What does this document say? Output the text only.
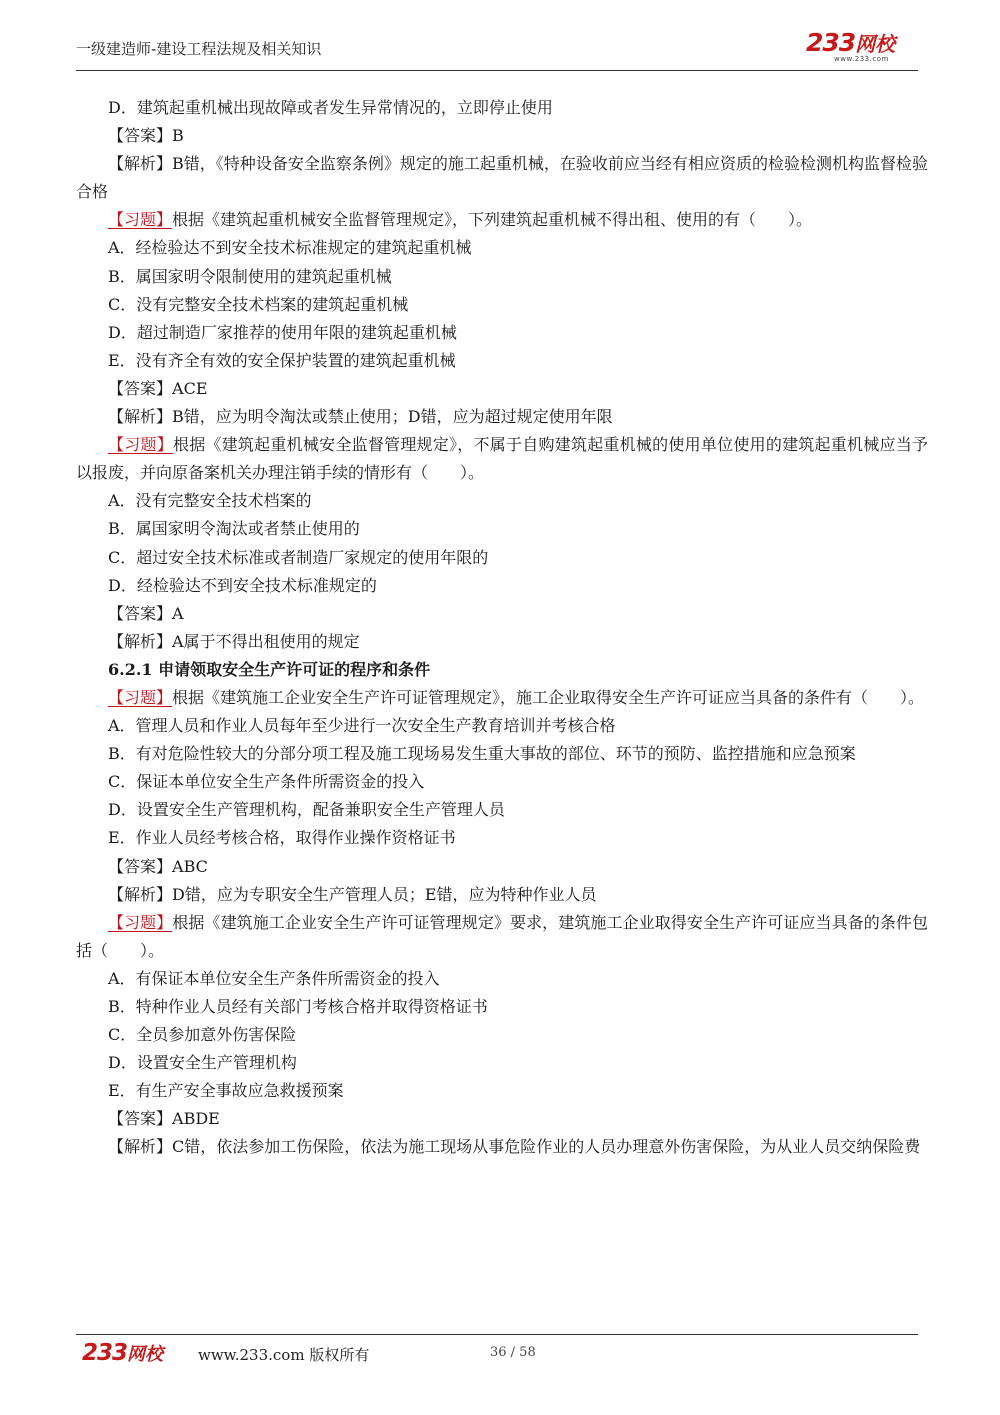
一级建造师-建设工程法规及相关知识	233网校
www.233.com

D．建筑起重机械出现故障或者发生异常情况的，立即停止使用

【答案】B

【解析】B错，《特种设备安全监察条例》规定的施工起重机械，在验收前应当经有相应资质的检验检测机构监督检验合格

【习题】根据《建筑起重机械安全监督管理规定》，下列建筑起重机械不得出租、使用的有（　　）。

A．经检验达不到安全技术标准规定的建筑起重机械

B．属国家明令限制使用的建筑起重机械

C．没有完整安全技术档案的建筑起重机械

D．超过制造厂家推荐的使用年限的建筑起重机械

E．没有齐全有效的安全保护装置的建筑起重机械

【答案】ACE

【解析】B错，应为明令淘汰或禁止使用；D错，应为超过规定使用年限

【习题】根据《建筑起重机械安全监督管理规定》，不属于自购建筑起重机械的使用单位使用的建筑起重机械应当予以报废，并向原备案机关办理注销手续的情形有（　　）。

A．没有完整安全技术档案的

B．属国家明令淘汰或者禁止使用的

C．超过安全技术标准或者制造厂家规定的使用年限的

D．经检验达不到安全技术标准规定的

【答案】A

【解析】A属于不得出租使用的规定

6.2.1 申请领取安全生产许可证的程序和条件

【习题】根据《建筑施工企业安全生产许可证管理规定》，施工企业取得安全生产许可证应当具备的条件有（　　）。

A．管理人员和作业人员每年至少进行一次安全生产教育培训并考核合格

B．有对危险性较大的分部分项工程及施工现场易发生重大事故的部位、环节的预防、监控措施和应急预案

C．保证本单位安全生产条件所需资金的投入

D．设置安全生产管理机构，配备兼职安全生产管理人员

E．作业人员经考核合格，取得作业操作资格证书

【答案】ABC

【解析】D错，应为专职安全生产管理人员；E错，应为特种作业人员

【习题】根据《建筑施工企业安全生产许可证管理规定》要求，建筑施工企业取得安全生产许可证应当具备的条件包括（　　）。

A．有保证本单位安全生产条件所需资金的投入

B．特种作业人员经有关部门考核合格并取得资格证书

C．全员参加意外伤害保险

D．设置安全生产管理机构

E．有生产安全事故应急救援预案

【答案】ABDE

【解析】C错，依法参加工伤保险，依法为施工现场从事危险作业的人员办理意外伤害保险，为从业人员交纳保险费

233网校 www.233.com 版权所有	36 / 58
